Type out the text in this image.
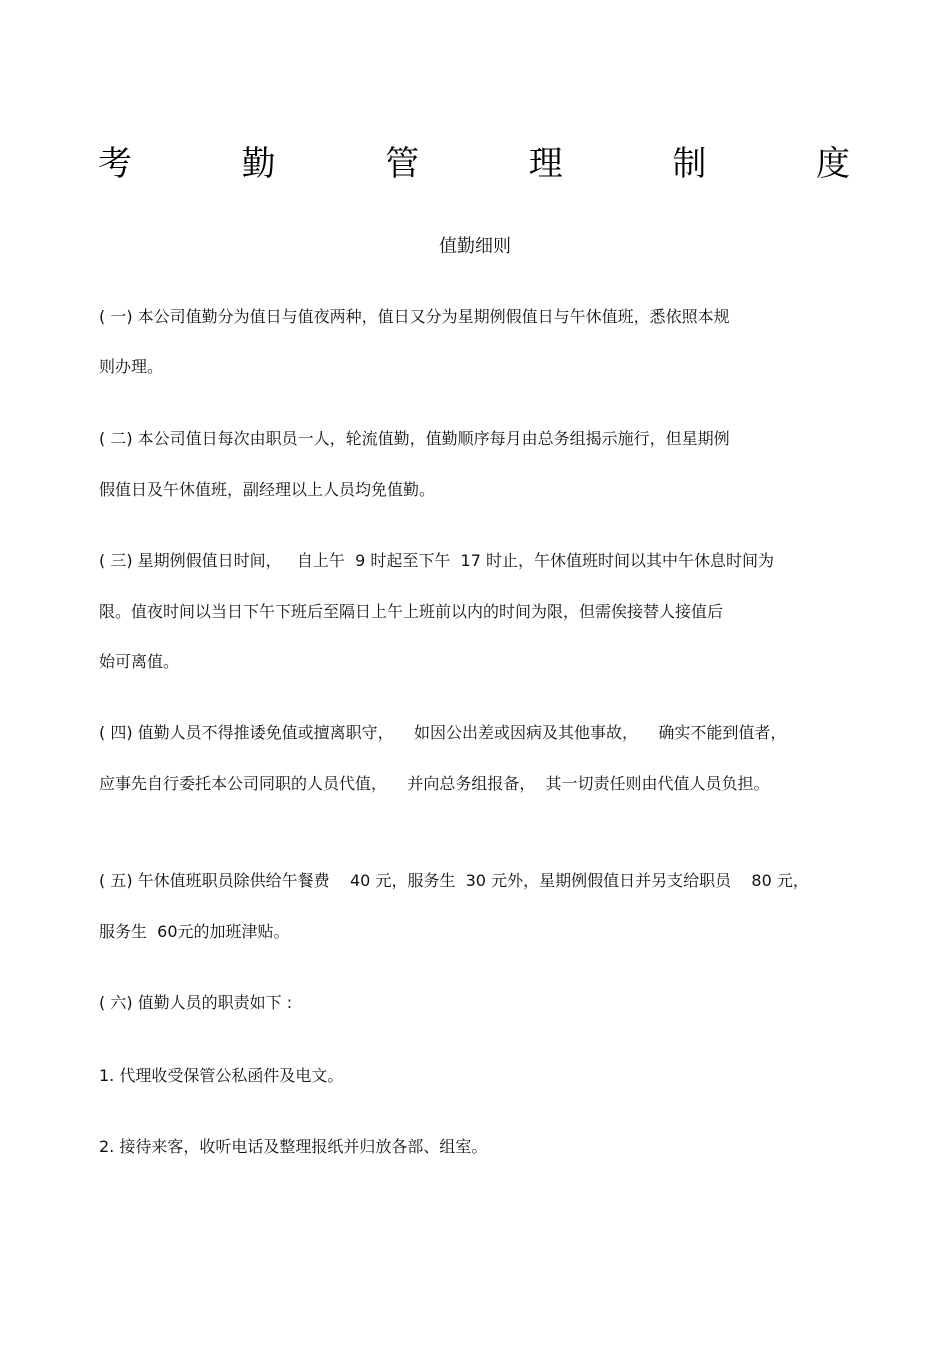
考	勤	管	理	制	度
值勤细则
( 一) 本公司值勤分为值日与值夜两种，值日又分为星期例假值日与午休值班，悉依照本规
则办理。
( 二) 本公司值日每次由职员一人，轮流值勤，值勤顺序每月由总务组揭示施行，但星期例
假值日及午休值班，副经理以上人员均免值勤。
( 三) 星期例假值日时间，   自上午  9 时起至下午  17 时止，午休值班时间以其中午休息时间为
限。值夜时间以当日下午下班后至隔日上午上班前以内的时间为限，但需俟接替人接值后
始可离值。
( 四) 值勤人员不得推诿免值或擅离职守，    如因公出差或因病及其他事故，    确实不能到值者，
应事先自行委托本公司同职的人员代值，    并向总务组报备，  其一切责任则由代值人员负担。
( 五) 午休值班职员除供给午餐费    40 元，服务生  30 元外，星期例假值日并另支给职员    80 元，
服务生  60元的加班津贴。
( 六) 值勤人员的职责如下 :
1. 代理收受保管公私函件及电文。
2. 接待来客，收听电话及整理报纸并归放各部、组室。
